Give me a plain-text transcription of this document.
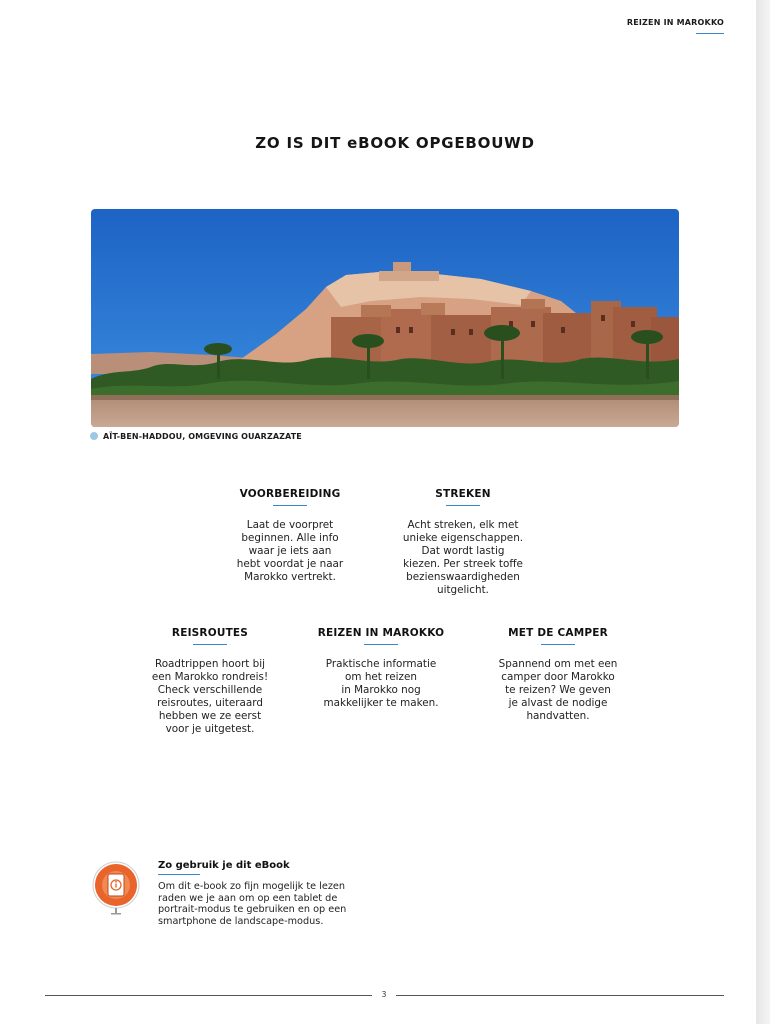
REIZEN IN MAROKKO
ZO IS DIT eBOOK OPGEBOUWD
AÏT-BEN-HADDOU, OMGEVING OUARZAZATE
VOORBEREIDING
Laat de voorpret
beginnen. Alle info
waar je iets aan
hebt voordat je naar
Marokko vertrekt.
STREKEN
Acht streken, elk met
unieke eigenschappen.
Dat wordt lastig
kiezen. Per streek toffe
bezienswaardigheden
uitgelicht.
REISROUTES
Roadtrippen hoort bij
een Marokko rondreis!
Check verschillende
reisroutes, uiteraard
hebben we ze eerst
voor je uitgetest.
REIZEN IN MAROKKO
Praktische informatie
om het reizen
in Marokko nog
makkelijker te maken.
MET DE CAMPER
Spannend om met een
camper door Marokko
te reizen? We geven
je alvast de nodige
handvatten.
Zo gebruik je dit eBook
Om dit e-book zo fijn mogelijk te lezen
raden we je aan om op een tablet de
portrait-modus te gebruiken en op een
smartphone de landscape-modus.
3
